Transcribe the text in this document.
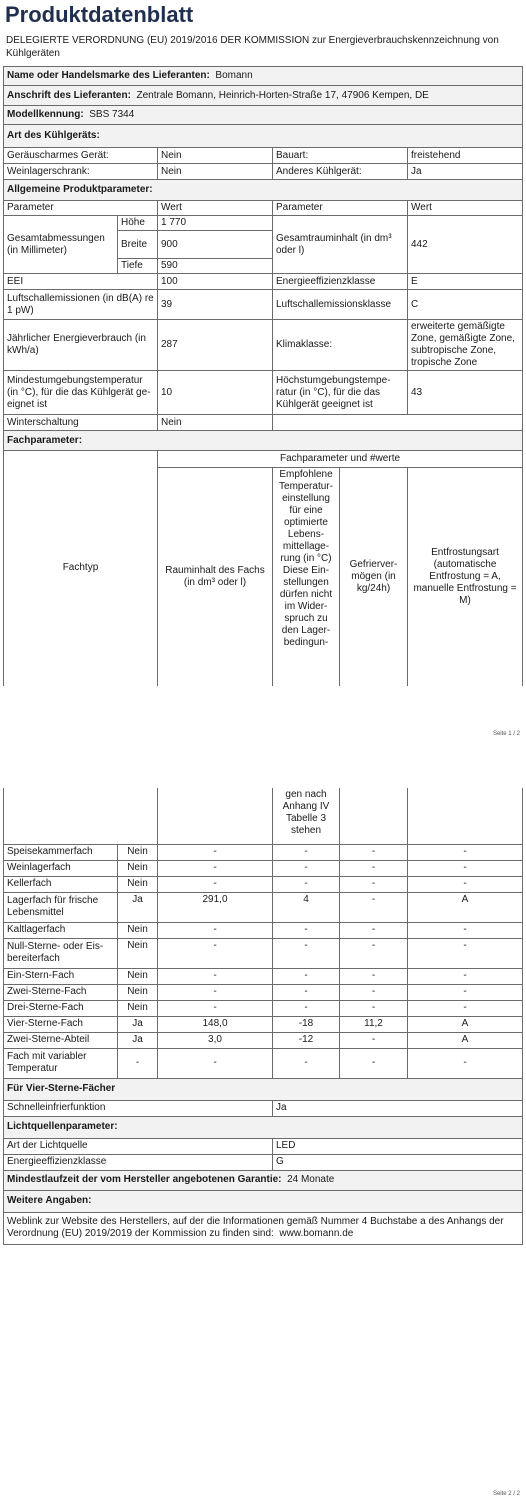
Produktdatenblatt
DELEGIERTE VERORDNUNG (EU) 2019/2016 DER KOMMISSION zur Energieverbrauchskennzeichnung von Kühlgeräten
Name oder Handelsmarke des Lieferanten: Bomann					
Anschrift des Lieferanten: Zentrale Bomann, Heinrich-Horten-Straße 17, 47906 Kempen, DE					
Modellkennung: SBS 7344					
Art des Kühlgeräts:					
Geräuscharmes Gerät:		Nein	Bauart:		freistehend
Weinlagerschrank:		Nein	Anderes Kühlgerät:		Ja
Allgemeine Produktparameter:					
Parameter		Wert	Parameter		Wert
Gesamtabmessungen (in Millimeter)	Höhe	1 770	Gesamtrauminhalt (in dm³ oder l)		442
	Breite	900			
	Tiefe	590			
EEI		100	Energieeffizienzklasse		E
Luftschallemissionen (in dB(A) re 1 pW)		39	Luftschallemissionsklasse		C
Jährlicher Energieverbrauch (in kWh/a)		287	Klimaklasse:		erweiterte gemäßigte Zone, gemäßigte Zone, subtropische Zone, tropische Zone
Mindestumgebungstemperatur (in °C), für die das Kühlgerät geeignet ist		10	Höchstumgebungstemperatur (in °C), für die das Kühlgerät geeignet ist		43
Winterschaltung		Nein			
Fachparameter:					
Fachtyp		Fachparameter und #werte			
		Rauminhalt des Fachs (in dm³ oder l)	Empfohlene Temperatureinstellung für eine optimierte Lebensmittellagerung (in °C) Diese Einstellungen dürfen nicht im Widerspruch zu den Lagerbedingun-	Gefriervermögen (in kg/24h)	Entfrostungsart (automatische Entfrostung = A, manuelle Entfrostung = M)
Seite 1 / 2
			gen nach Anhang IV Tabelle 3 stehen		
Speisekammerfach	Nein	-	-	-	-
Weinlagerfach	Nein	-	-	-	-
Kellerfach	Nein	-	-	-	-
Lagerfach für frische Lebensmittel	Ja	291,0	4	-	A
Kaltlagerfach	Nein	-	-	-	-
Null-Sterne- oder Eisbereiterfach	Nein	-	-	-	-
Ein-Stern-Fach	Nein	-	-	-	-
Zwei-Sterne-Fach	Nein	-	-	-	-
Drei-Sterne-Fach	Nein	-	-	-	-
Vier-Sterne-Fach	Ja	148,0	-18	11,2	A
Zwei-Sterne-Abteil	Ja	3,0	-12	-	A
Fach mit variabler Temperatur	-	-	-	-	-
Für Vier-Sterne-Fächer					
Schnelleinfrierfunktion			Ja		
Lichtquellenparameter:					
Art der Lichtquelle			LED		
Energieeffizienzklasse			G		
Mindestlaufzeit der vom Hersteller angebotenen Garantie: 24 Monate					
Weitere Angaben:					
Weblink zur Website des Herstellers, auf der die Informationen gemäß Nummer 4 Buchstabe a des Anhangs der Verordnung (EU) 2019/2019 der Kommission zu finden sind: www.bomann.de					
Seite 2 / 2
